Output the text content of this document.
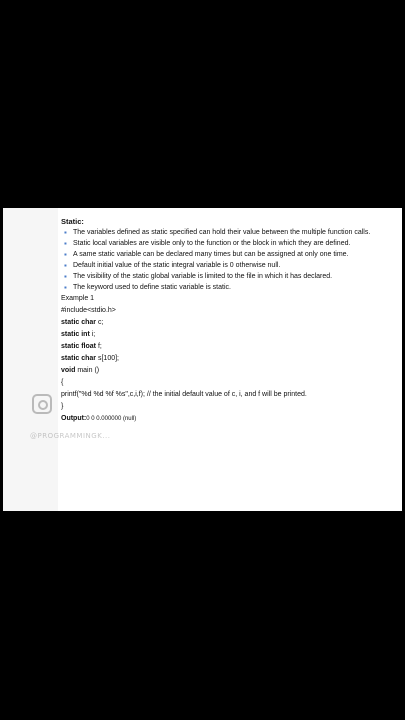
Static:
▪ The variables defined as static specified can hold their value between the multiple function calls.
▪ Static local variables are visible only to the function or the block in which they are defined.
▪ A same static variable can be declared many times but can be assigned at only one time.
▪ Default initial value of the static integral variable is 0 otherwise null.
▪ The visibility of the static global variable is limited to the file in which it has declared.
▪ The keyword used to define static variable is static.
Example 1
#include<stdio.h>
static char c;
static int i;
static float f;
static char s[100];
void main ()
{
printf("%d %d %f %s",c,i,f); // the initial default value of c, i, and f will be printed.
}
Output:0 0 0.000000 (null)
@PROGRAMMINGK...
